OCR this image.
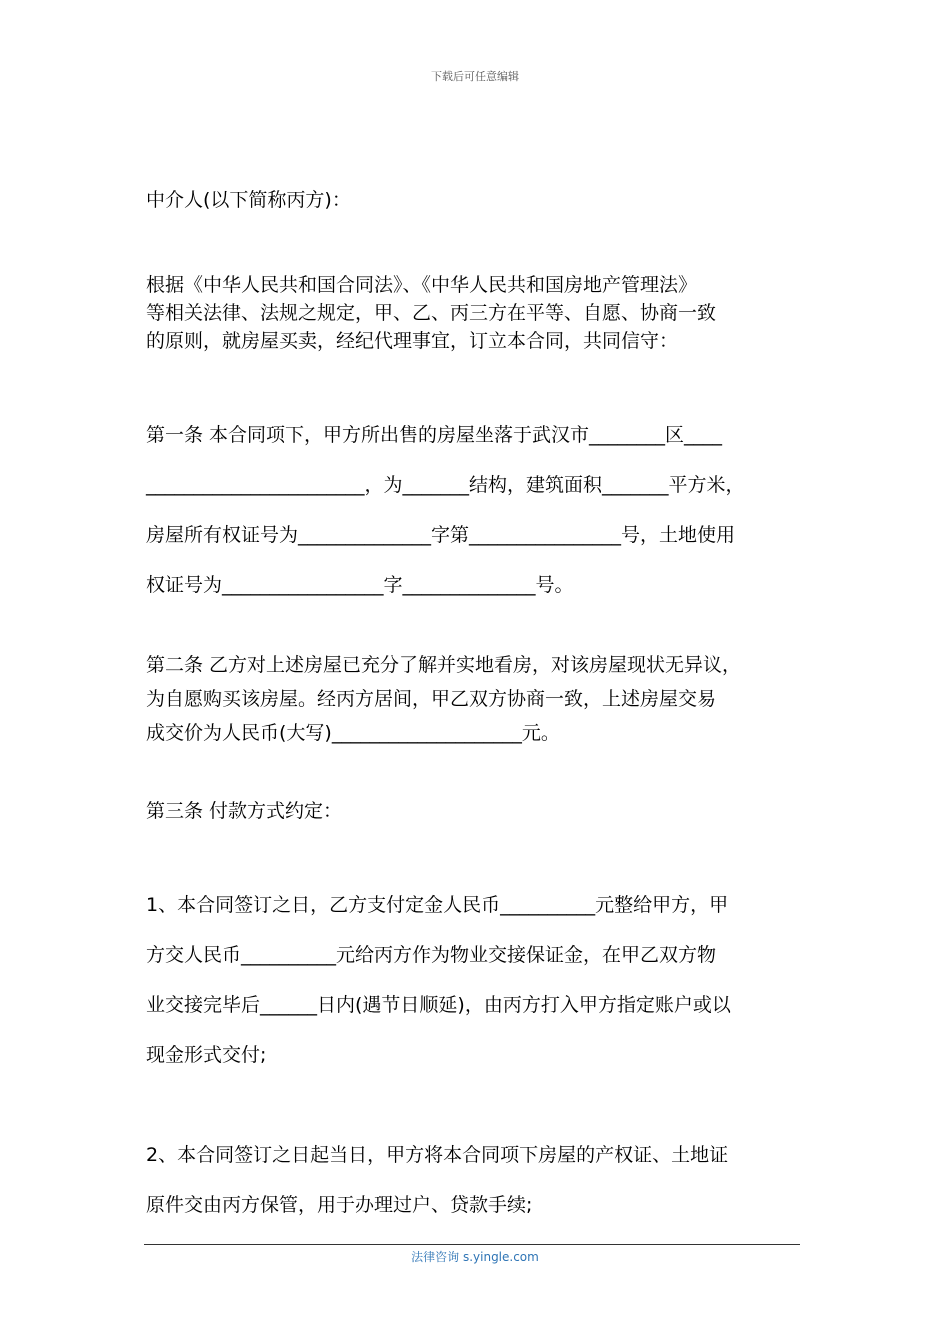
下载后可任意编辑
中介人(以下简称丙方)：
根据《中华人民共和国合同法》、《中华人民共和国房地产管理法》
等相关法律、法规之规定，甲、乙、丙三方在平等、自愿、协商一致
的原则，就房屋买卖，经纪代理事宜，订立本合同，共同信守：
第一条 本合同项下，甲方所出售的房屋坐落于武汉市________区____
_______________________，为_______结构，建筑面积_______平方米，
房屋所有权证号为______________字第________________号，土地使用
权证号为_________________字______________号。
第二条 乙方对上述房屋已充分了解并实地看房，对该房屋现状无异议，
为自愿购买该房屋。经丙方居间，甲乙双方协商一致，上述房屋交易
成交价为人民币(大写)____________________元。
第三条 付款方式约定：
1、本合同签订之日，乙方支付定金人民币__________元整给甲方，甲
方交人民币__________元给丙方作为物业交接保证金，在甲乙双方物
业交接完毕后______日内(遇节日顺延)，由丙方打入甲方指定账户或以
现金形式交付;
2、本合同签订之日起当日，甲方将本合同项下房屋的产权证、土地证
原件交由丙方保管，用于办理过户、贷款手续;
法律咨询 s.yingle.com
